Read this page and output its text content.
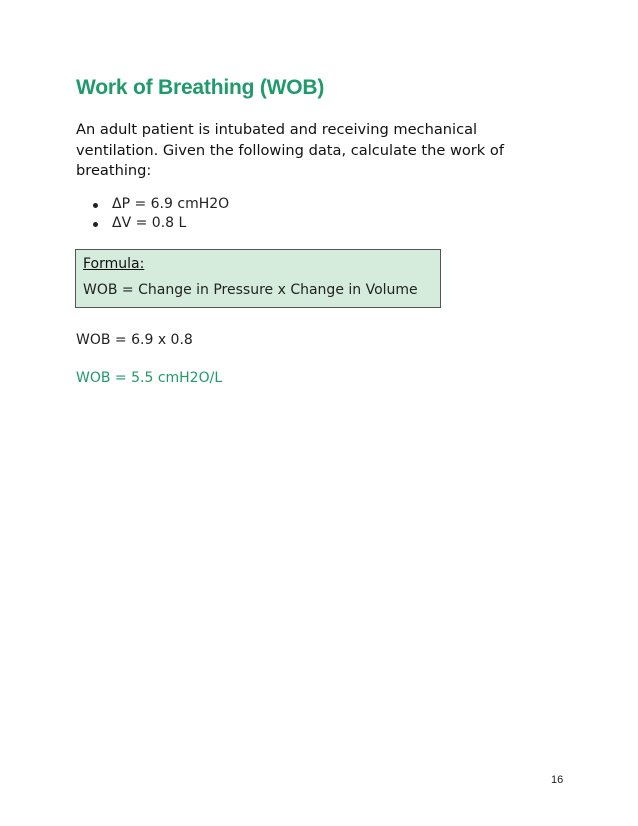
Work of Breathing (WOB)

An adult patient is intubated and receiving mechanical ventilation. Given the following data, calculate the work of breathing:

ΔP = 6.9 cmH2O
ΔV = 0.8 L
Formula:
WOB = Change in Pressure x Change in Volume

WOB = 6.9 x 0.8

WOB = 5.5 cmH2O/L

16
